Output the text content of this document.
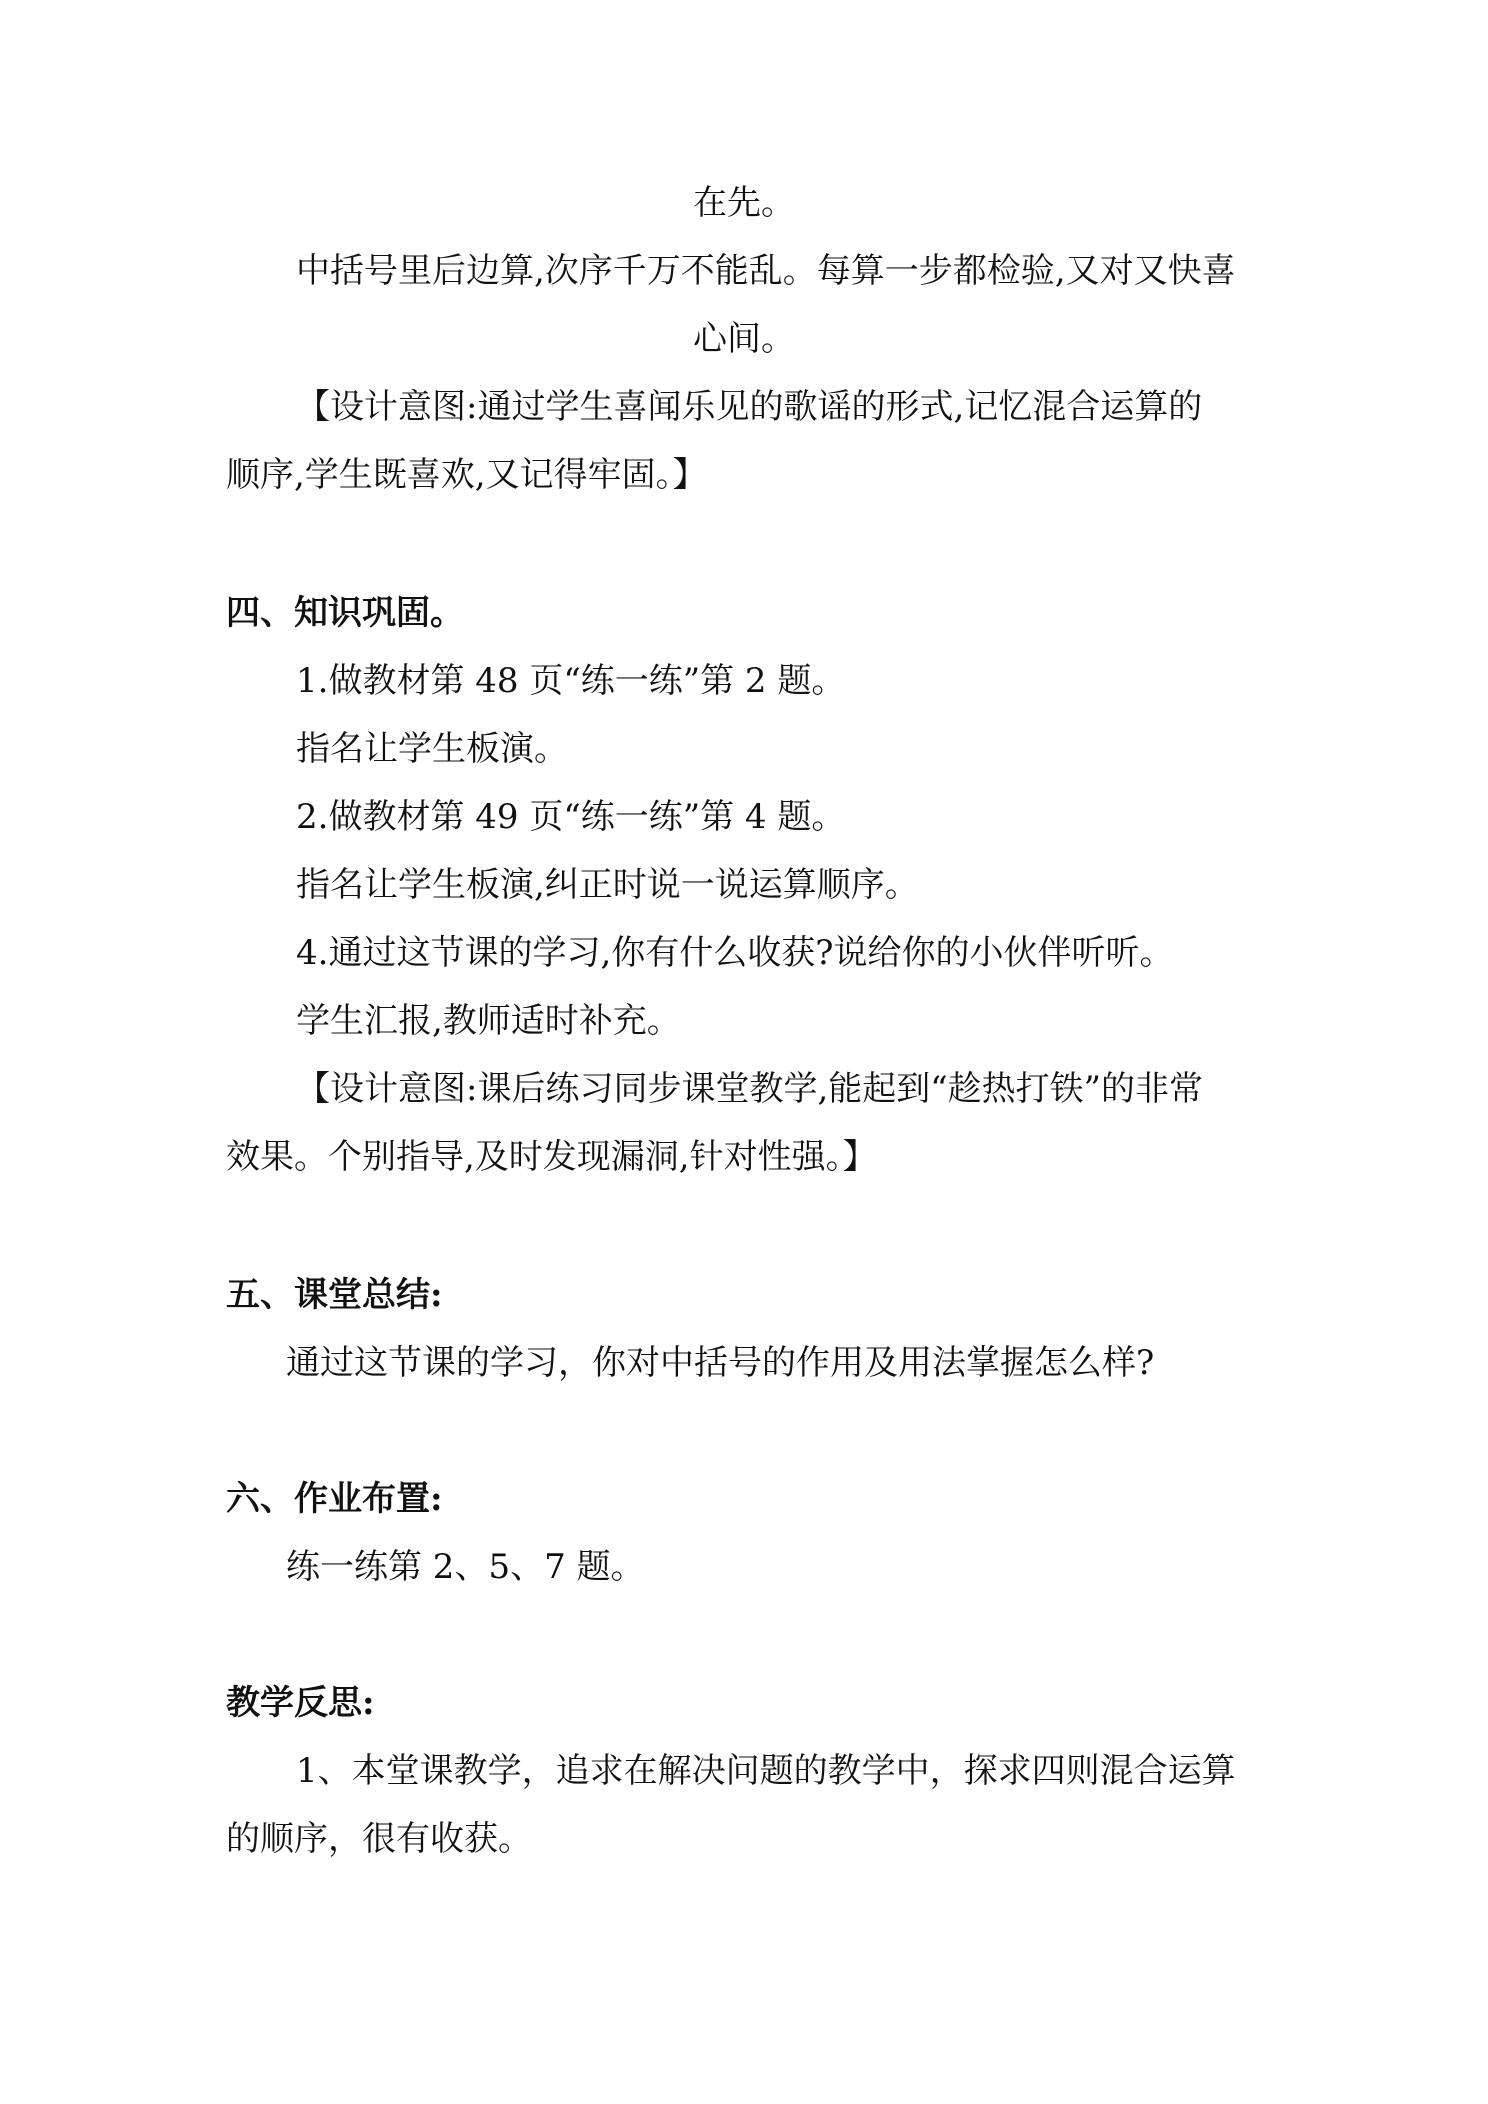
在先。

中括号里后边算,次序千万不能乱。每算一步都检验,又对又快喜

心间。

【设计意图:通过学生喜闻乐见的歌谣的形式,记忆混合运算的

顺序,学生既喜欢,又记得牢固。】

四、知识巩固。

1.做教材第 48 页“练一练”第 2 题。

指名让学生板演。

2.做教材第 49 页“练一练”第 4 题。

指名让学生板演,纠正时说一说运算顺序。

4.通过这节课的学习,你有什么收获?说给你的小伙伴听听。

学生汇报,教师适时补充。

【设计意图:课后练习同步课堂教学,能起到“趁热打铁”的非常

效果。个别指导,及时发现漏洞,针对性强。】

五、课堂总结:

通过这节课的学习，你对中括号的作用及用法掌握怎么样?

六、作业布置:

练一练第 2、5、7 题。

教学反思:

1、本堂课教学，追求在解决问题的教学中，探求四则混合运算

的顺序，很有收获。
